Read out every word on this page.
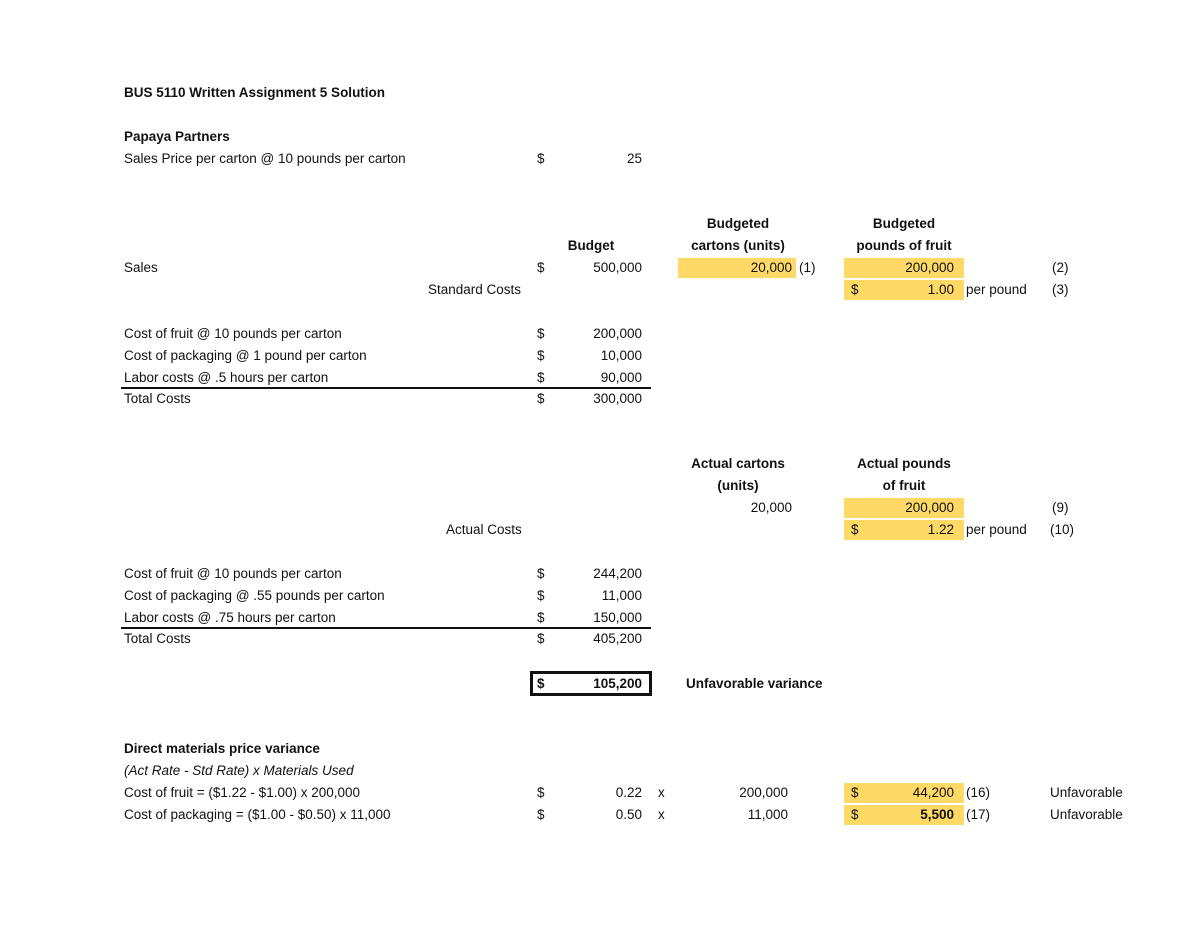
BUS 5110 Written Assignment 5 Solution
Papaya Partners
Sales Price per carton @ 10 pounds per carton	$	25
Budget
Budgeted
cartons (units)
Budgeted
pounds of fruit
Sales	$	500,000	20,000 (1)	200,000	(2)
Standard Costs	$	1.00 per pound (3)
Cost of fruit @ 10 pounds per carton	$	200,000
Cost of packaging @ 1 pound per carton	$	10,000
Labor costs @ .5 hours per carton	$	90,000
Total Costs	$	300,000
Actual cartons
(units)
Actual pounds
of fruit
20,000	200,000	(9)
Actual Costs	$	1.22 per pound (10)
Cost of fruit @ 10 pounds per carton	$	244,200
Cost of packaging @ .55 pounds per carton	$	11,000
Labor costs @ .75 hours per carton	$	150,000
Total Costs	$	405,200
$	105,200	Unfavorable variance
Direct materials price variance
(Act Rate - Std Rate) x Materials Used
Cost of fruit = ($1.22 - $1.00) x 200,000	$	0.22 x	200,000	$	44,200 (16)	Unfavorable
Cost of packaging = ($1.00 - $0.50) x 11,000	$	0.50 x	11,000	$	5,500 (17)	Unfavorable
